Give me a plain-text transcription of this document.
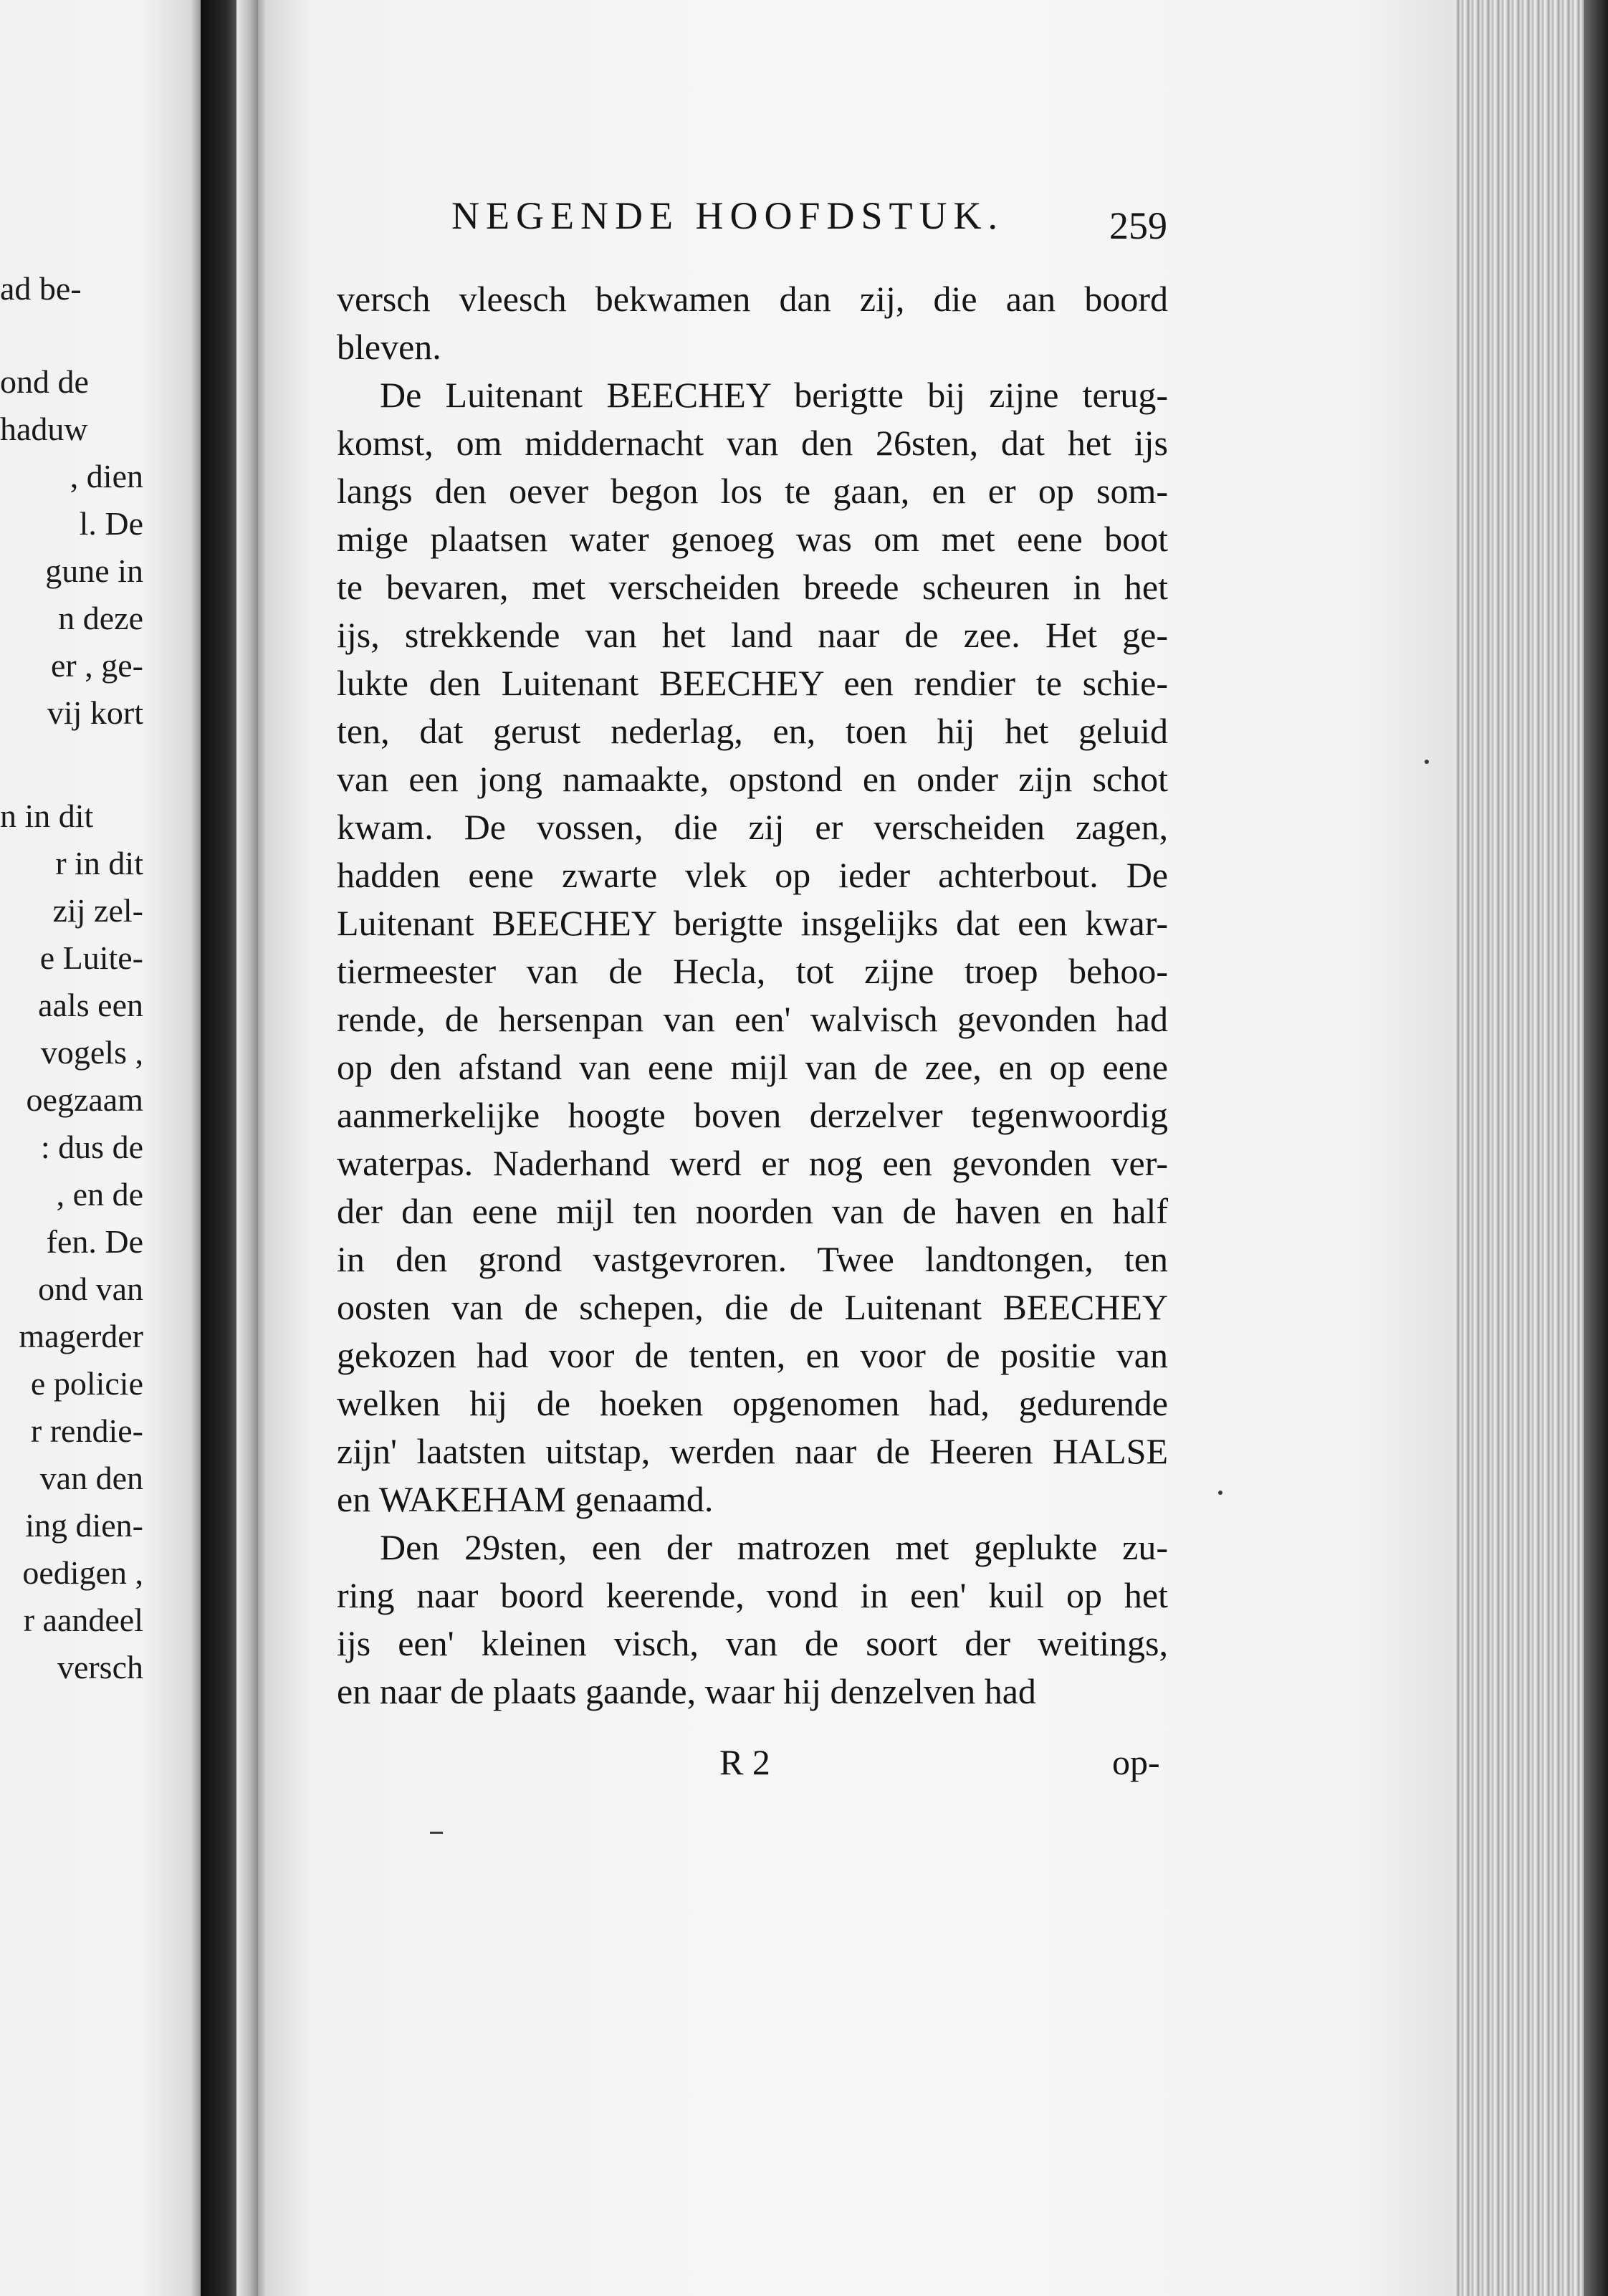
ad be-
ond de
haduw
, dien
l. De
gune in
n deze
er , ge-
vij kort
n in dit
r in dit
zij zel-
e Luite-
aals een
vogels ,
oegzaam
: dus de
, en de
fen. De
ond van
magerder
e policie
r rendie-
van den
ing dien-
oedigen ,
r aandeel
versch
NEGENDE HOOFDSTUK.	259
versch vleesch bekwamen dan zij, die aan boord
bleven.
De Luitenant BEECHEY berigtte bij zijne terug-
komst, om middernacht van den 26sten, dat het ijs
langs den oever begon los te gaan, en er op som-
mige plaatsen water genoeg was om met eene boot
te bevaren, met verscheiden breede scheuren in het
ijs, strekkende van het land naar de zee. Het ge-
lukte den Luitenant BEECHEY een rendier te schie-
ten, dat gerust nederlag, en, toen hij het geluid
van een jong namaakte, opstond en onder zijn schot
kwam. De vossen, die zij er verscheiden zagen,
hadden eene zwarte vlek op ieder achterbout. De
Luitenant BEECHEY berigtte insgelijks dat een kwar-
tiermeester van de Hecla, tot zijne troep behoo-
rende, de hersenpan van een' walvisch gevonden had
op den afstand van eene mijl van de zee, en op eene
aanmerkelijke hoogte boven derzelver tegenwoordig
waterpas. Naderhand werd er nog een gevonden ver-
der dan eene mijl ten noorden van de haven en half
in den grond vastgevroren. Twee landtongen, ten
oosten van de schepen, die de Luitenant BEECHEY
gekozen had voor de tenten, en voor de positie van
welken hij de hoeken opgenomen had, gedurende
zijn' laatsten uitstap, werden naar de Heeren HALSE
en WAKEHAM genaamd.
Den 29sten, een der matrozen met geplukte zu-
ring naar boord keerende, vond in een' kuil op het
ijs een' kleinen visch, van de soort der weitings,
en naar de plaats gaande, waar hij denzelven had
R 2	op-
